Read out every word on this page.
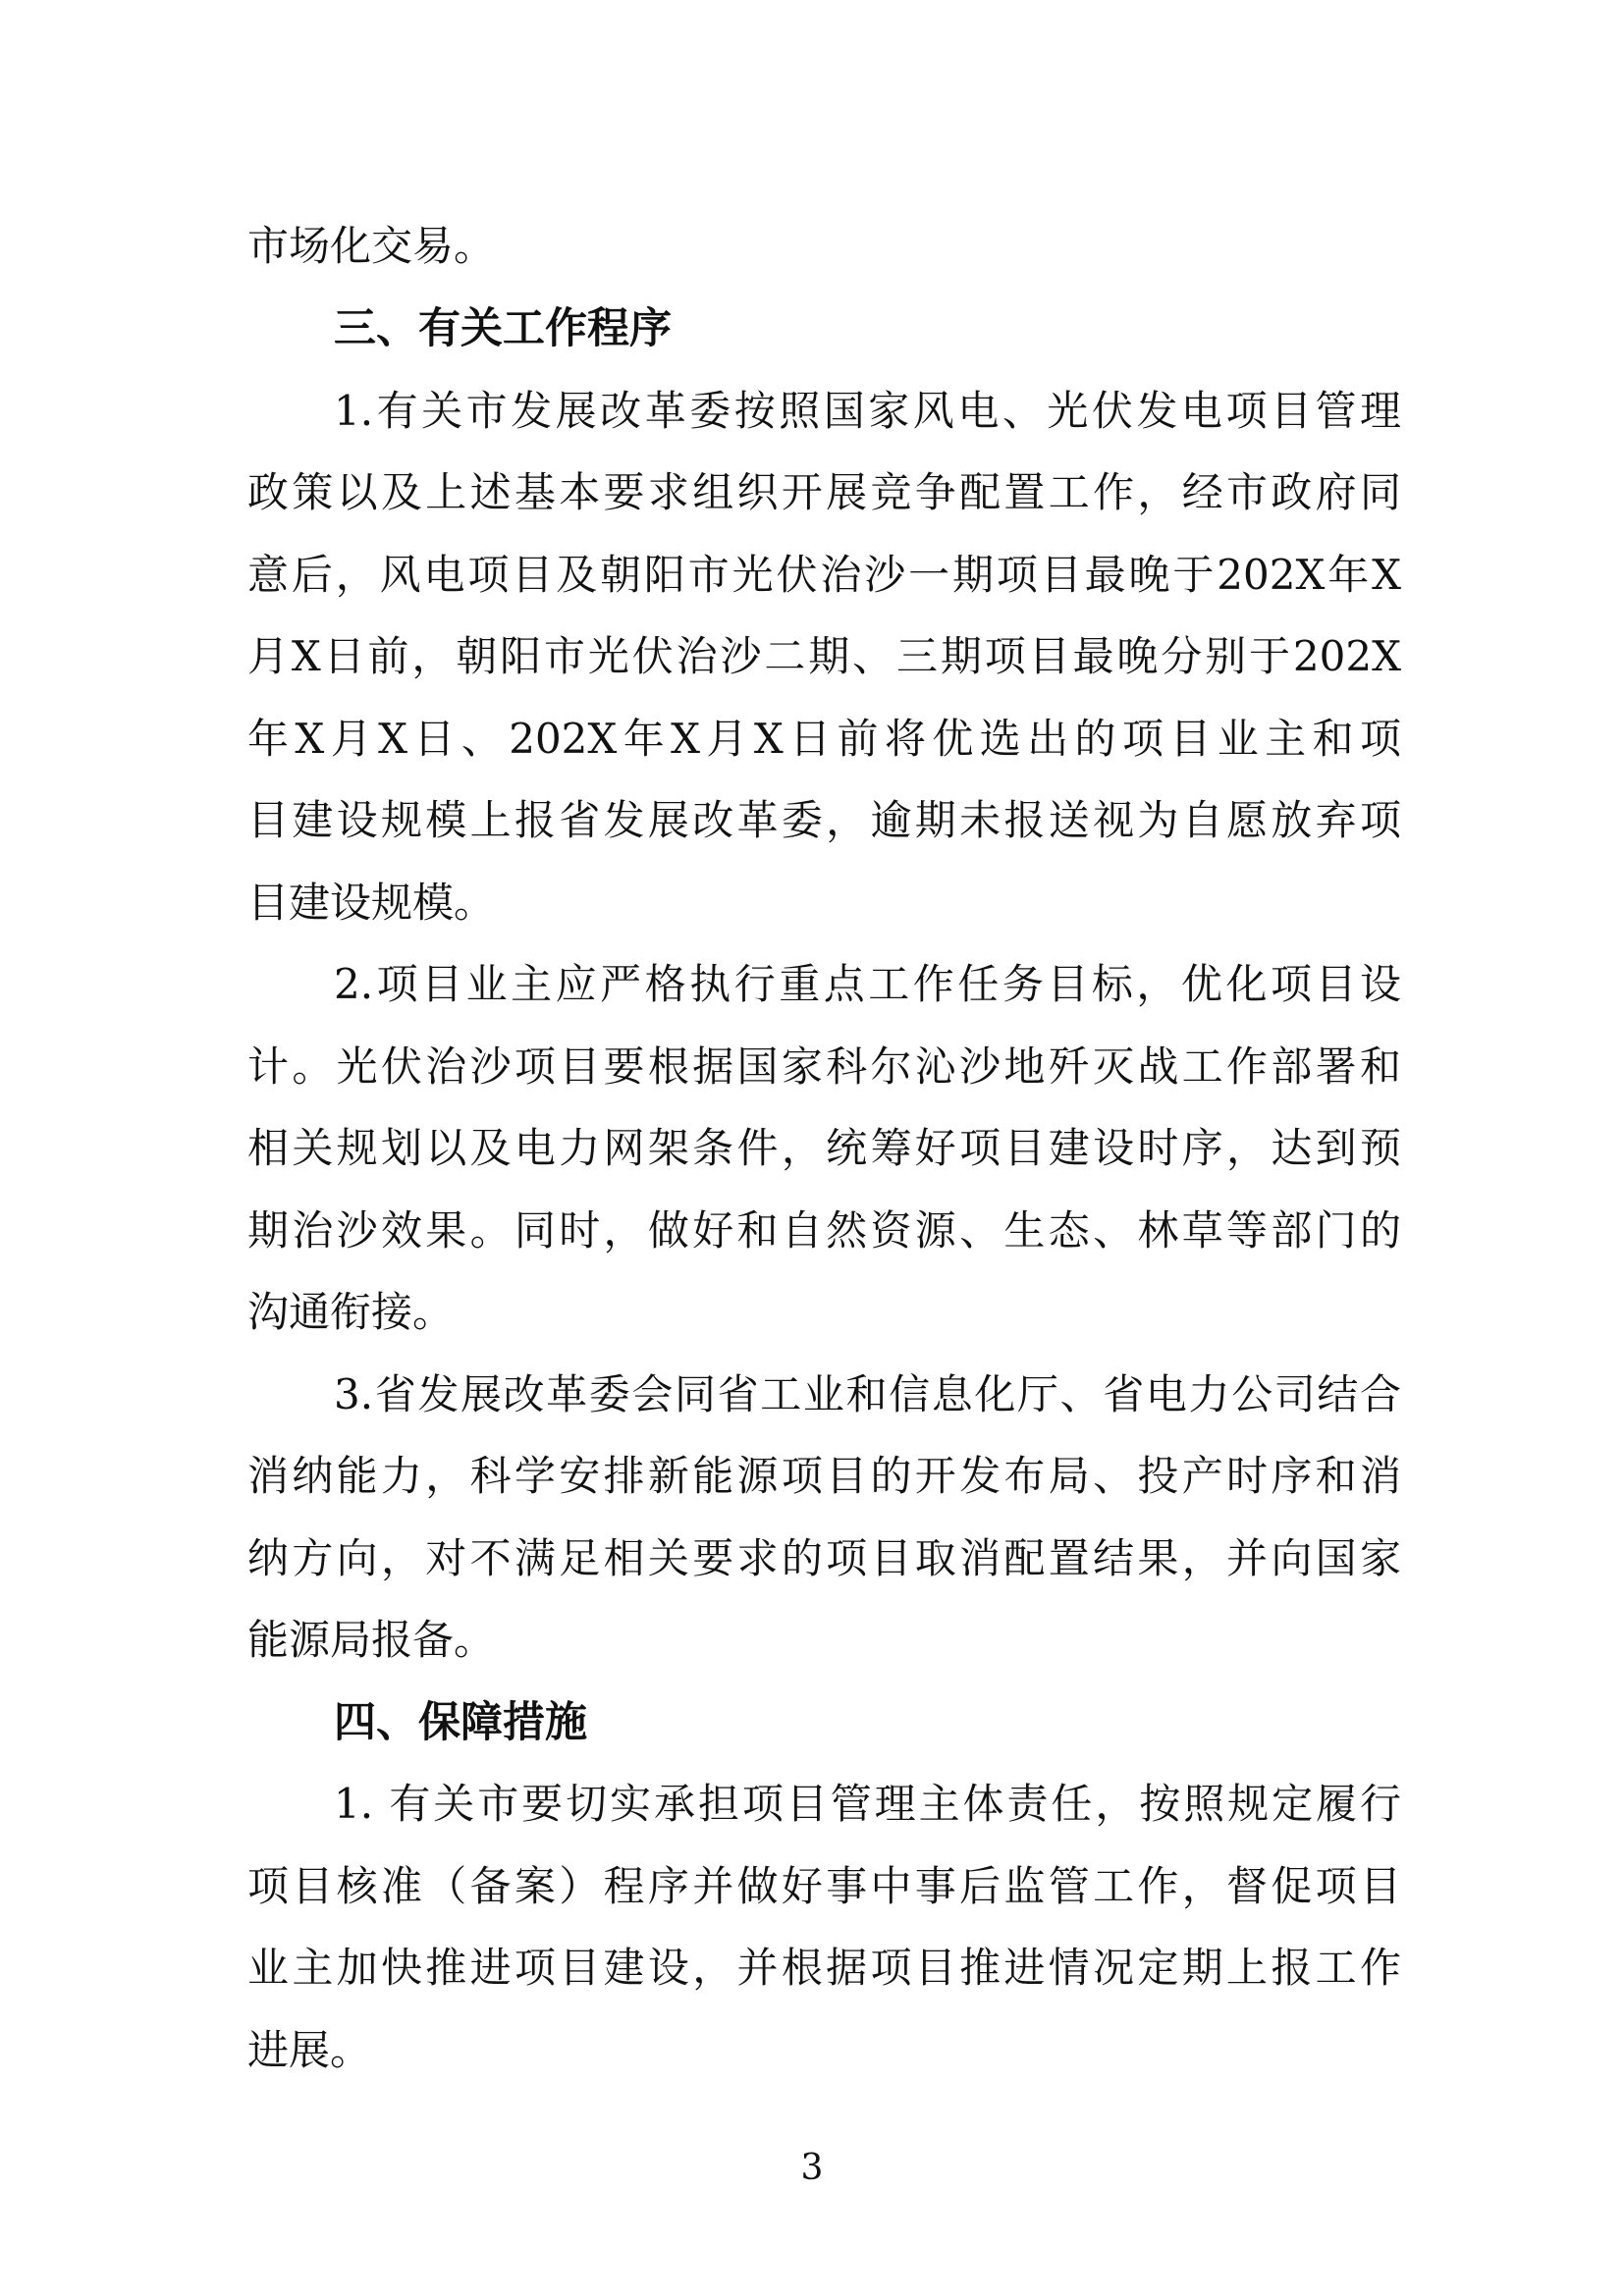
市场化交易。
三、有关工作程序
1.有关市发展改革委按照国家风电、光伏发电项目管理
政策以及上述基本要求组织开展竞争配置工作，经市政府同
意后，风电项目及朝阳市光伏治沙一期项目最晚于202X年X
月X日前，朝阳市光伏治沙二期、三期项目最晚分别于202X
年X月X日、202X年X月X日前将优选出的项目业主和项
目建设规模上报省发展改革委，逾期未报送视为自愿放弃项
目建设规模。
2.项目业主应严格执行重点工作任务目标，优化项目设
计。光伏治沙项目要根据国家科尔沁沙地歼灭战工作部署和
相关规划以及电力网架条件，统筹好项目建设时序，达到预
期治沙效果。同时，做好和自然资源、生态、林草等部门的
沟通衔接。
3.省发展改革委会同省工业和信息化厅、省电力公司结合
消纳能力，科学安排新能源项目的开发布局、投产时序和消
纳方向，对不满足相关要求的项目取消配置结果，并向国家
能源局报备。
四、保障措施
1. 有关市要切实承担项目管理主体责任，按照规定履行
项目核准（备案）程序并做好事中事后监管工作，督促项目
业主加快推进项目建设，并根据项目推进情况定期上报工作
进展。
3
